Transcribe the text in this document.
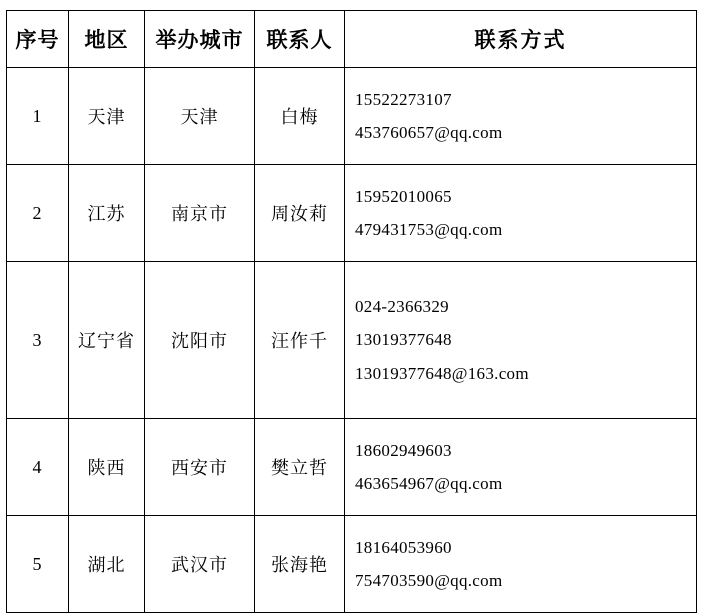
序号	地区	举办城市	联系人	联系方式
1	天津	天津	白梅	15522273107
453760657@qq.com

2	江苏	南京市	周汝莉	15952010065
479431753@qq.com

3	辽宁省	沈阳市	汪作千	024-2366329
13019377648
13019377648@163.com

4	陕西	西安市	樊立哲	18602949603
463654967@qq.com

5	湖北	武汉市	张海艳	18164053960
754703590@qq.com
